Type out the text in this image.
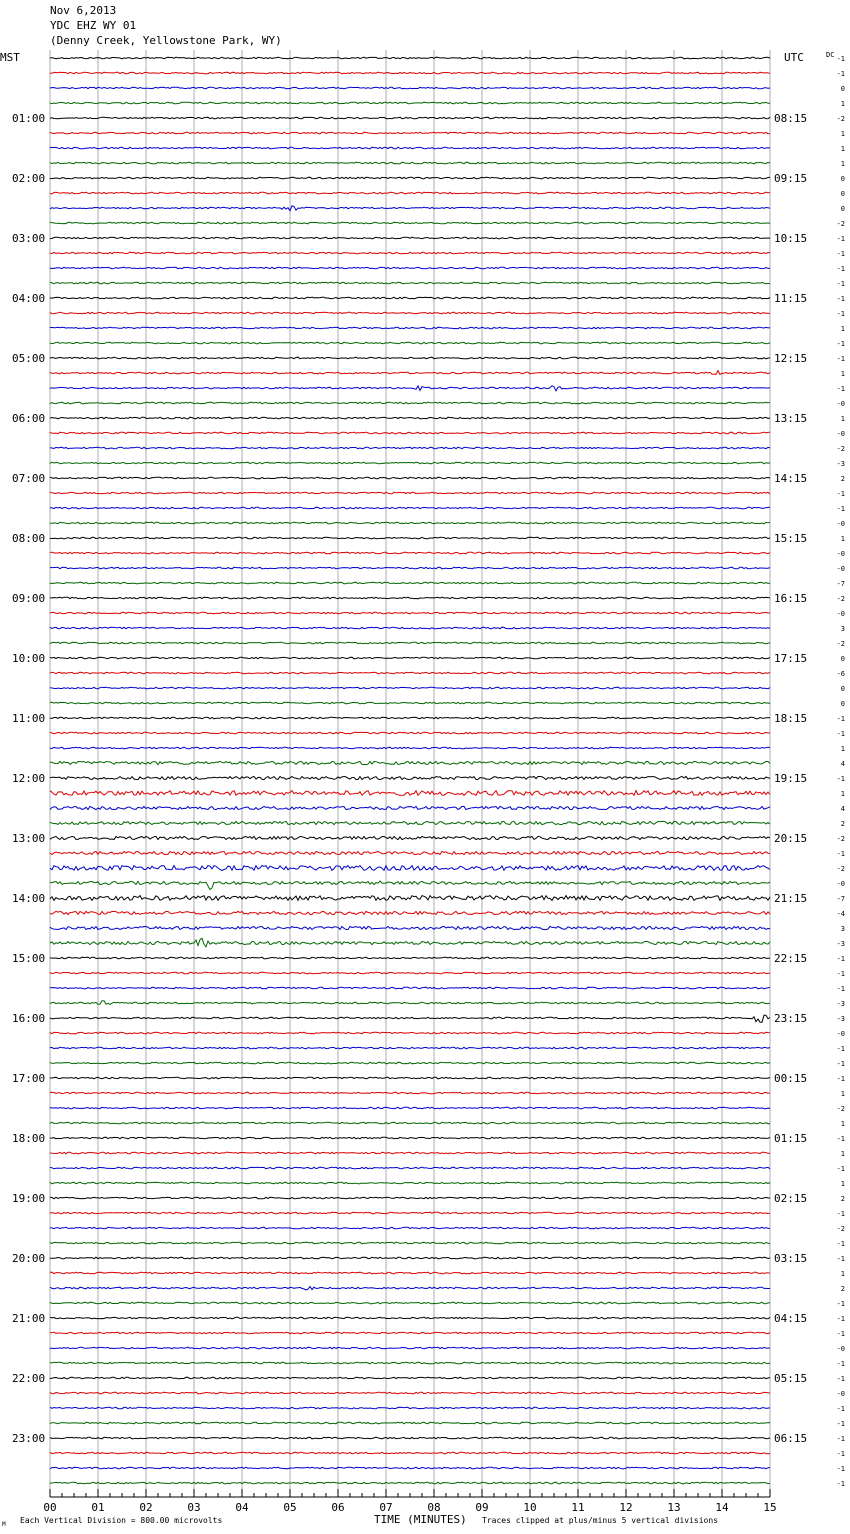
Nov 6,2013
YDC EHZ WY 01
(Denny Creek, Yellowstone Park, WY)
01:00
02:00
03:00
04:00
05:00
06:00
07:00
08:00
09:00
10:00
11:00
12:00
13:00
14:00
15:00
16:00
17:00
18:00
19:00
20:00
21:00
22:00
23:00
08:15
09:15
10:15
11:15
12:15
13:15
14:15
15:15
16:15
17:15
18:15
19:15
20:15
21:15
22:15
23:15
00:15
01:15
02:15
03:15
04:15
05:15
06:15
-1
-1
0
1
-2
1
1
1
0
0
0
-2
-1
-1
-1
-1
-1
-1
1
-1
-1
1
-1
-0
1
-0
-2
-3
2
-1
-1
-0
1
-0
-0
-7
-2
-0
3
-2
0
-6
0
0
-1
-1
1
4
-1
1
4
2
-2
-1
-2
-0
-7
-4
3
-3
-1
-1
-1
-3
-3
-0
-1
-1
-1
1
-2
1
-1
1
-1
1
2
-1
-2
-1
-1
1
2
-1
-1
-1
-0
-1
-1
-0
-1
-1
-1
-1
-1
-1
00	01	02	03	04	05	06	07	08	09	10	11	12	13	14	15
MST	UTC	DC
TIME (MINUTES)
Each Vertical Division = 800.00 microvolts	Traces clipped at plus/minus 5 vertical divisions
M
